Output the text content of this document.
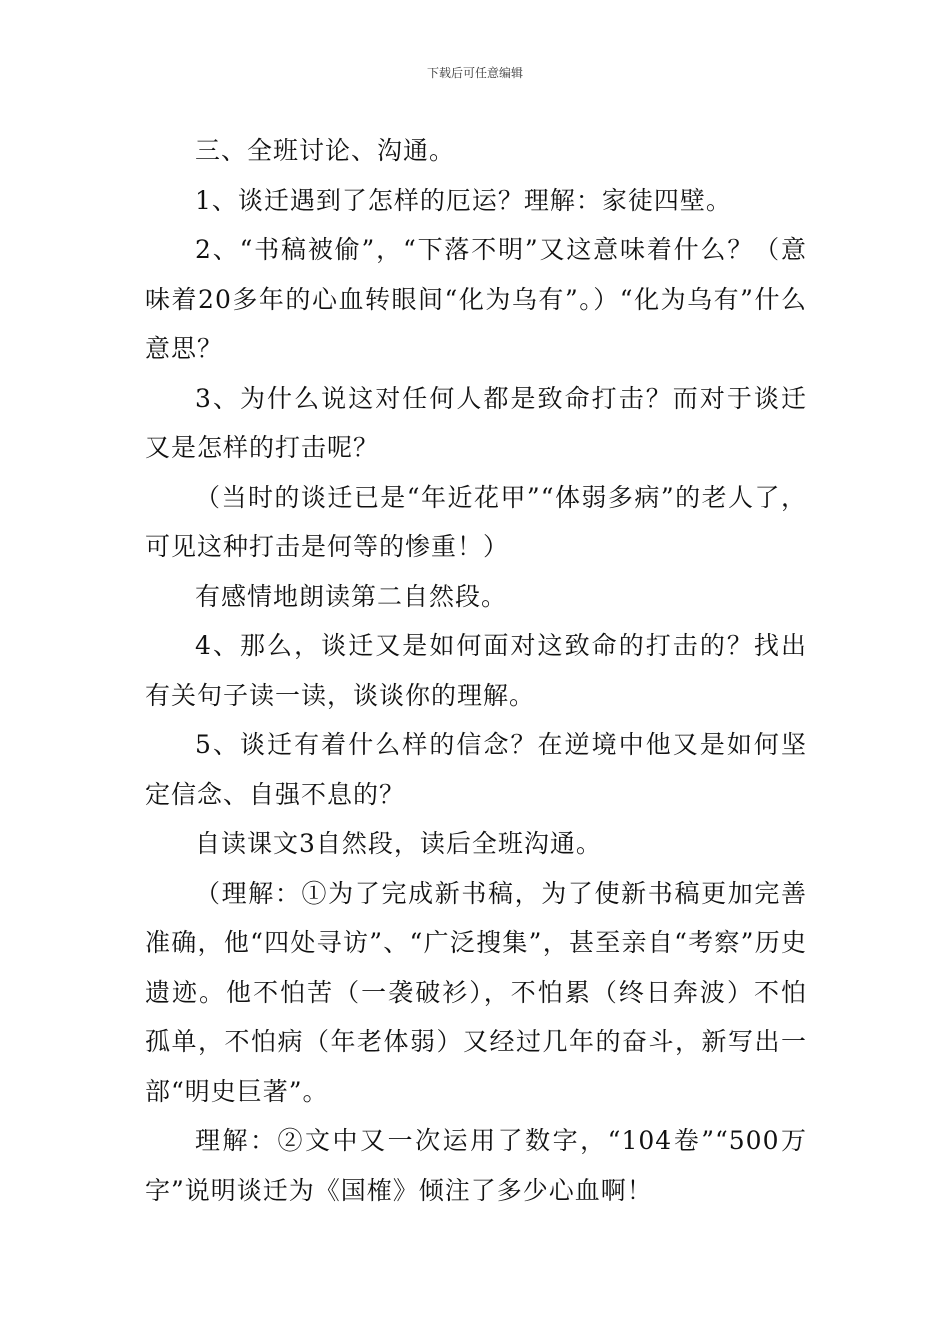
下载后可任意编辑

三、全班讨论、沟通。

1、谈迁遇到了怎样的厄运？理解：家徒四壁。

2、“书稿被偷”，“下落不明”又这意味着什么？（意味着20多年的心血转眼间“化为乌有”。）“化为乌有”什么意思？

3、为什么说这对任何人都是致命打击？而对于谈迁又是怎样的打击呢？

（当时的谈迁已是“年近花甲”“体弱多病”的老人了，可见这种打击是何等的惨重！）

有感情地朗读第二自然段。

4、那么，谈迁又是如何面对这致命的打击的？找出有关句子读一读，谈谈你的理解。

5、谈迁有着什么样的信念？在逆境中他又是如何坚定信念、自强不息的？

自读课文3自然段，读后全班沟通。

（理解：①为了完成新书稿，为了使新书稿更加完善准确，他“四处寻访”、“广泛搜集”，甚至亲自“考察”历史遗迹。他不怕苦（一袭破衫），不怕累（终日奔波）不怕孤单，不怕病（年老体弱）又经过几年的奋斗，新写出一部“明史巨著”。

理解：②文中又一次运用了数字，“104卷”“500万字”说明谈迁为《国榷》倾注了多少心血啊！
